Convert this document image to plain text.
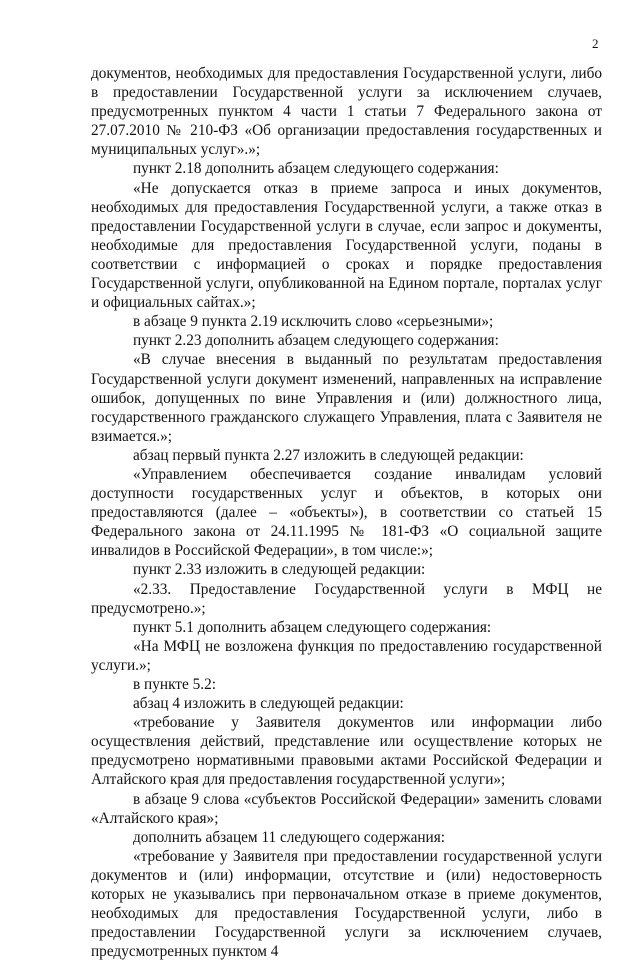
2

документов, необходимых для предоставления Государственной услуги, либо в предоставлении Государственной услуги за исключением случаев, предусмотренных пунктом 4 части 1 статьи 7 Федерального закона от 27.07.2010 № 210-ФЗ «Об организации предоставления государственных и муниципальных услуг».»;

пункт 2.18 дополнить абзацем следующего содержания:

«Не допускается отказ в приеме запроса и иных документов, необходимых для предоставления Государственной услуги, а также отказ в предоставлении Государственной услуги в случае, если запрос и документы, необходимые для предоставления Государственной услуги, поданы в соответствии с информацией о сроках и порядке предоставления Государственной услуги, опубликованной на Едином портале, порталах услуг и официальных сайтах.»;

в абзаце 9 пункта 2.19 исключить слово «серьезными»;

пункт 2.23 дополнить абзацем следующего содержания:

«В случае внесения в выданный по результатам предоставления Государственной услуги документ изменений, направленных на исправление ошибок, допущенных по вине Управления и (или) должностного лица, государственного гражданского служащего Управления, плата с Заявителя не взимается.»;

абзац первый пункта 2.27 изложить в следующей редакции:

«Управлением обеспечивается создание инвалидам условий доступности государственных услуг и объектов, в которых они предоставляются (далее – «объекты»), в соответствии со статьей 15 Федерального закона от 24.11.1995 № 181-ФЗ «О социальной защите инвалидов в Российской Федерации», в том числе:»;

пункт 2.33 изложить в следующей редакции:

«2.33. Предоставление Государственной услуги в МФЦ не предусмотрено.»;

пункт 5.1 дополнить абзацем следующего содержания:

«На МФЦ не возложена функция по предоставлению государственной услуги.»;

в пункте 5.2:

абзац 4 изложить в следующей редакции:

«требование у Заявителя документов или информации либо осуществления действий, представление или осуществление которых не предусмотрено нормативными правовыми актами Российской Федерации и Алтайского края для предоставления государственной услуги»;

в абзаце 9 слова «субъектов Российской Федерации» заменить словами «Алтайского края»;

дополнить абзацем 11 следующего содержания:

«требование у Заявителя при предоставлении государственной услуги документов и (или) информации, отсутствие и (или) недостоверность которых не указывались при первоначальном отказе в приеме документов, необходимых для предоставления Государственной услуги, либо в предоставлении Государственной услуги за исключением случаев, предусмотренных пунктом 4
